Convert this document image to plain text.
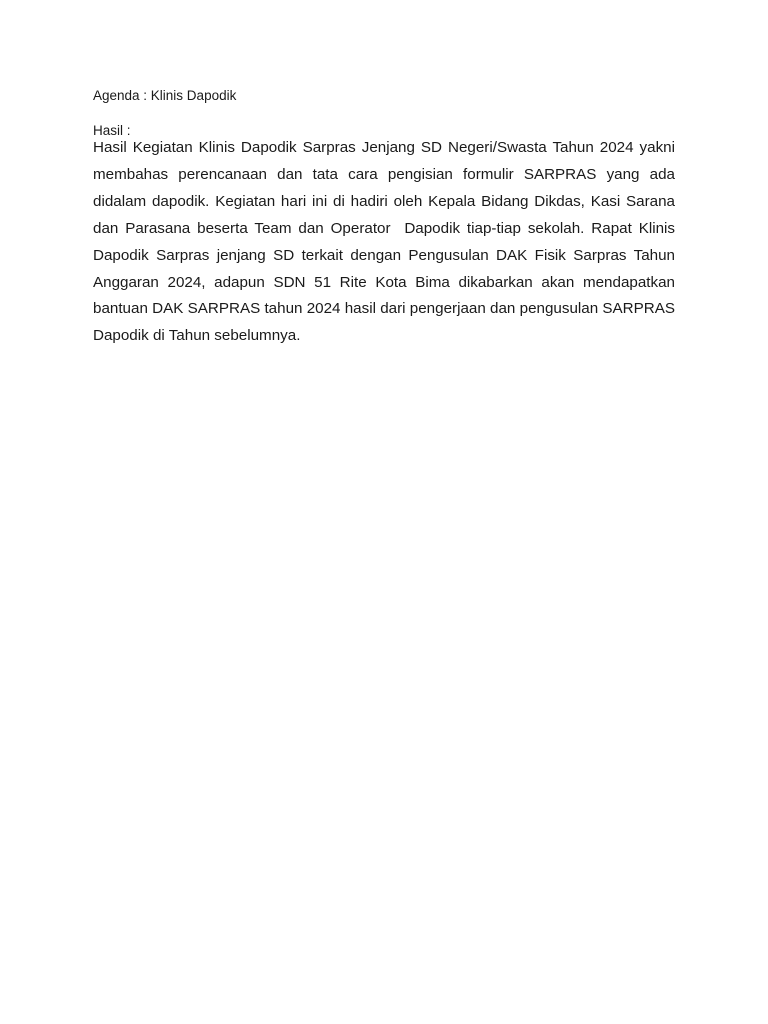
Agenda : Klinis Dapodik

Hasil :

Hasil Kegiatan Klinis Dapodik Sarpras Jenjang SD Negeri/Swasta Tahun 2024 yakni membahas perencanaan dan tata cara pengisian formulir SARPRAS yang ada didalam dapodik. Kegiatan hari ini di hadiri oleh Kepala Bidang Dikdas, Kasi Sarana dan Parasana beserta Team dan Operator  Dapodik tiap-tiap sekolah. Rapat Klinis Dapodik Sarpras jenjang SD terkait dengan Pengusulan DAK Fisik Sarpras Tahun Anggaran 2024, adapun SDN 51 Rite Kota Bima dikabarkan akan mendapatkan bantuan DAK SARPRAS tahun 2024 hasil dari pengerjaan dan pengusulan SARPRAS Dapodik di Tahun sebelumnya.
